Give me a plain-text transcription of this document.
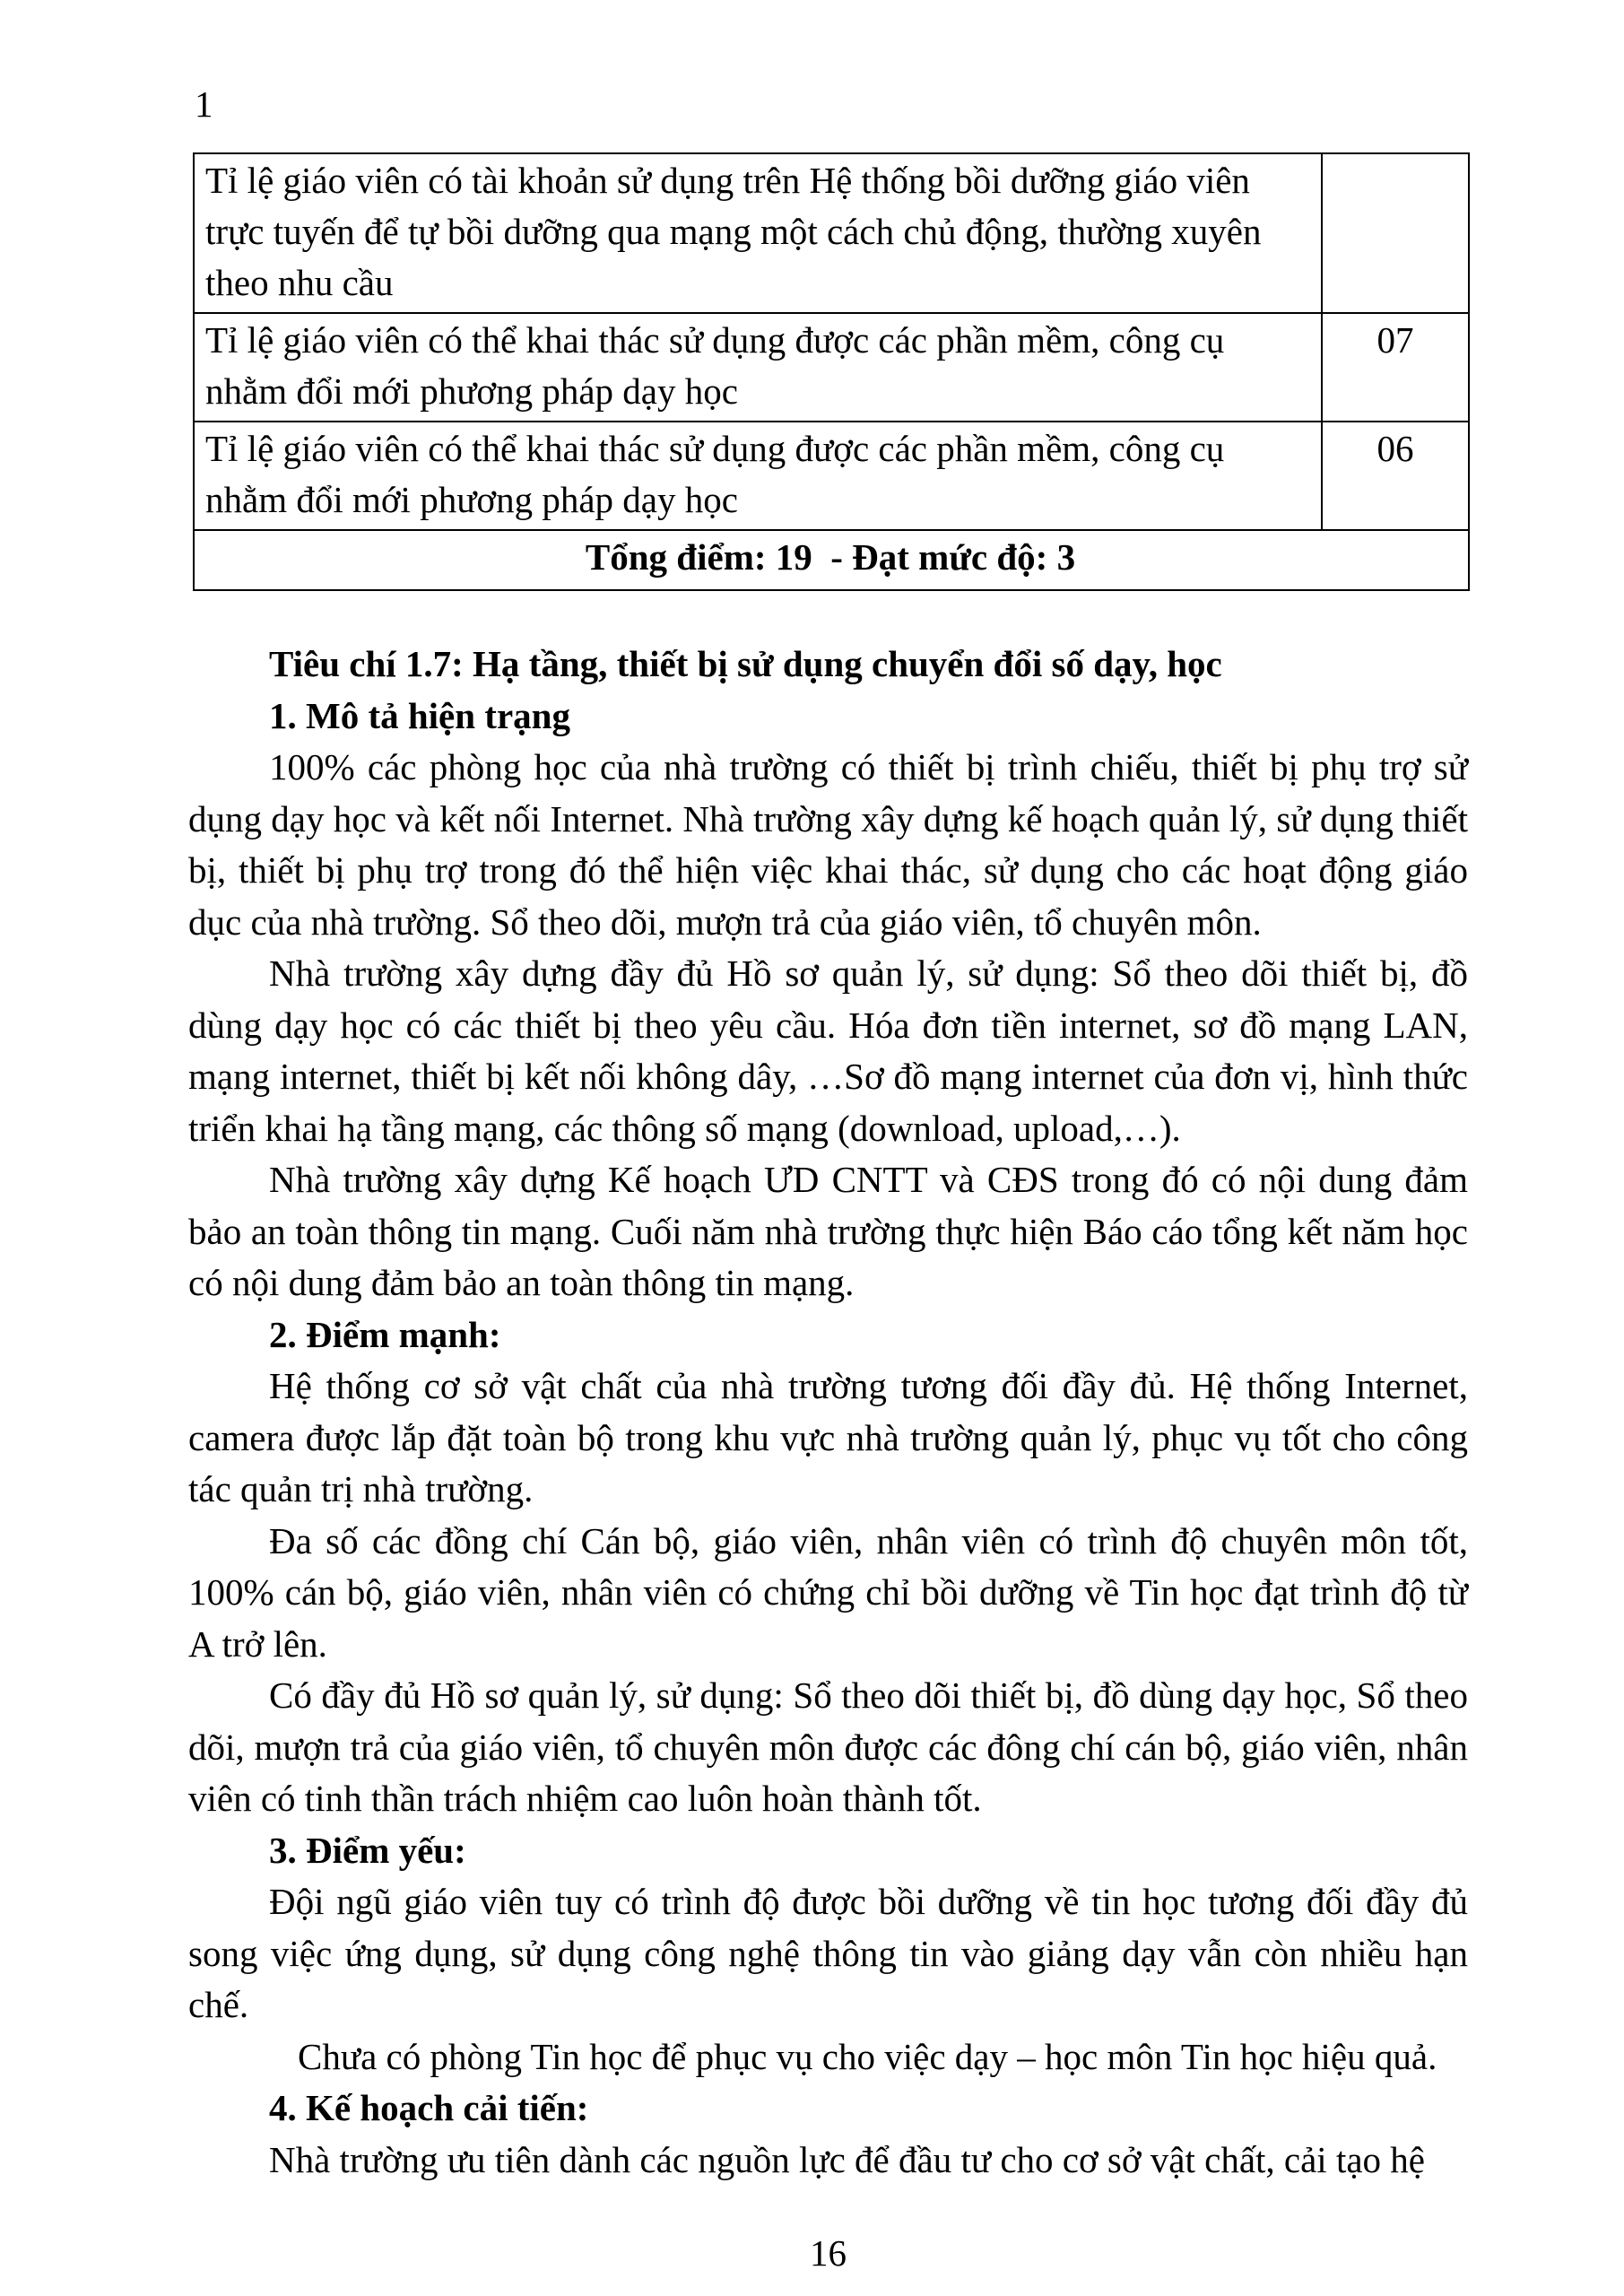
1
Tỉ lệ giáo viên có tài khoản sử dụng trên Hệ thống bồi dưỡng giáo viên trực tuyến để tự bồi dưỡng qua mạng một cách chủ động, thường xuyên theo nhu cầu	
Tỉ lệ giáo viên có thể khai thác sử dụng được các phần mềm, công cụ nhằm đổi mới phương pháp dạy học	07
Tỉ lệ giáo viên có thể khai thác sử dụng được các phần mềm, công cụ nhằm đổi mới phương pháp dạy học	06
Tổng điểm: 19  - Đạt mức độ: 3	

Tiêu chí 1.7: Hạ tầng, thiết bị sử dụng chuyển đổi số dạy, học

1. Mô tả hiện trạng

100% các phòng học của nhà trường có thiết bị trình chiếu, thiết bị phụ trợ sử dụng dạy học và kết nối Internet. Nhà trường xây dựng kế hoạch quản lý, sử dụng thiết bị, thiết bị phụ trợ trong đó thể hiện việc khai thác, sử dụng cho các hoạt động giáo dục của nhà trường. Sổ theo dõi, mượn trả của giáo viên, tổ chuyên môn.

Nhà trường xây dựng đầy đủ Hồ sơ quản lý, sử dụng: Sổ theo dõi thiết bị, đồ dùng dạy học có các thiết bị theo yêu cầu. Hóa đơn tiền internet, sơ đồ mạng LAN, mạng internet, thiết bị kết nối không dây, …Sơ đồ mạng internet của đơn vị, hình thức triển khai hạ tầng mạng, các thông số mạng (download, upload,…).

Nhà trường xây dựng Kế hoạch ƯD CNTT và CĐS trong đó có nội dung đảm bảo an toàn thông tin mạng. Cuối năm nhà trường thực hiện Báo cáo tổng kết năm học có nội dung đảm bảo an toàn thông tin mạng.

2. Điểm mạnh:

Hệ thống cơ sở vật chất của nhà trường tương đối đầy đủ. Hệ thống Internet, camera được lắp đặt toàn bộ trong khu vực nhà trường quản lý, phục vụ tốt cho công tác quản trị nhà trường.

Đa số các đồng chí Cán bộ, giáo viên, nhân viên có trình độ chuyên môn tốt, 100% cán bộ, giáo viên, nhân viên có chứng chỉ bồi dưỡng về Tin học đạt trình độ từ A trở lên.

Có đầy đủ Hồ sơ quản lý, sử dụng: Sổ theo dõi thiết bị, đồ dùng dạy học, Sổ theo dõi, mượn trả của giáo viên, tổ chuyên môn được các đông chí cán bộ, giáo viên, nhân viên có tinh thần trách nhiệm cao luôn hoàn thành tốt.

3. Điểm yếu:

Đội ngũ giáo viên tuy có trình độ được bồi dưỡng về tin học tương đối đầy đủ song việc ứng dụng, sử dụng công nghệ thông tin vào giảng dạy vẫn còn nhiều hạn chế.

Chưa có phòng Tin học để phục vụ cho việc dạy – học môn Tin học hiệu quả.

4. Kế hoạch cải tiến:

Nhà trường ưu tiên dành các nguồn lực để đầu tư cho cơ sở vật chất, cải tạo hệ

16
